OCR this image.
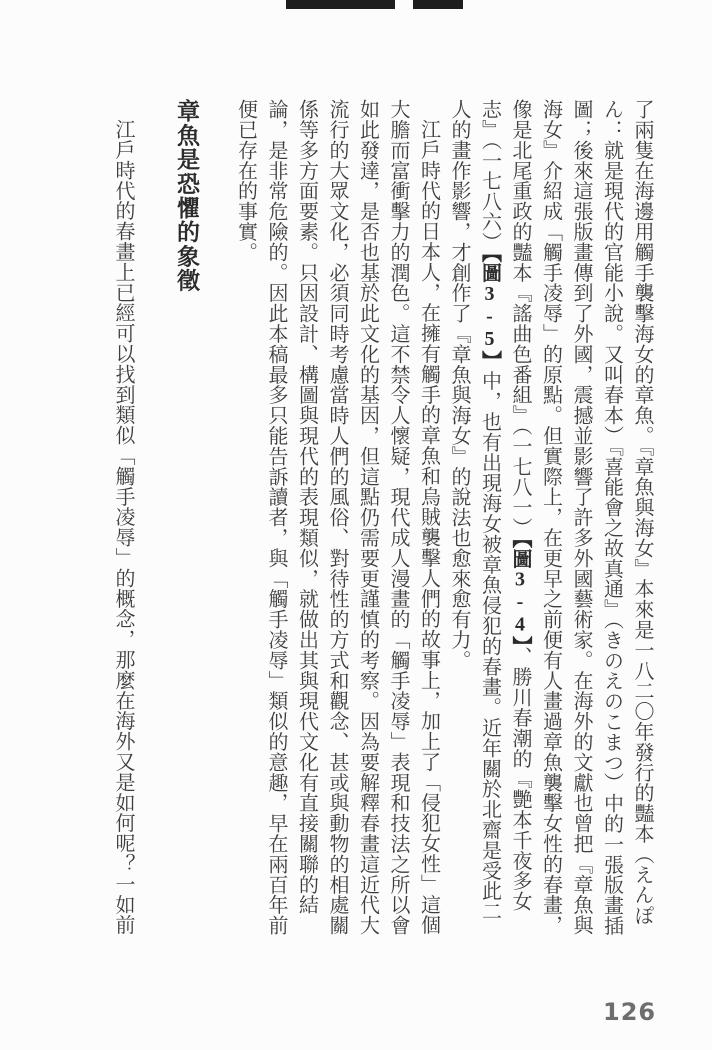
了兩隻在海邊用觸手襲擊海女的章魚。『章魚與海女』本來是一八二〇年發行的豔本（えんぽん：就是現代的官能小說。又叫春本）『喜能會之故真通』（きのえのこまつ）中的一張版畫插圖；後來這張版畫傳到了外國，震撼並影響了許多外國藝術家。在海外的文獻也曾把『章魚與海女』介紹成「觸手凌辱」的原點。但實際上，在更早之前便有人畫過章魚襲擊女性的春畫，像是北尾重政的豔本『謠曲色番組』（一七八一）【圖3-4】、勝川春潮的『艷本千夜多女志』（一七八六）【圖3-5】中，也有出現海女被章魚侵犯的春畫。近年關於北齋是受此二人的畫作影響，才創作了『章魚與海女』的說法也愈來愈有力。

江戶時代的日本人，在擁有觸手的章魚和烏賊襲擊人們的故事上，加上了「侵犯女性」這個大膽而富衝擊力的潤色。這不禁令人懷疑，現代成人漫畫的「觸手凌辱」表現和技法之所以會如此發達，是否也基於此文化的基因，但這點仍需要更謹慎的考察。因為要解釋春畫這近代大流行的大眾文化，必須同時考慮當時人們的風俗、對待性的方式和觀念、甚或與動物的相處關係等多方面要素。只因設計、構圖與現代的表現類似，就做出其與現代文化有直接關聯的結論，是非常危險的。因此本稿最多只能告訴讀者，與「觸手凌辱」類似的意趣，早在兩百年前便已存在的事實。

章魚是恐懼的象徵

江戶時代的春畫上已經可以找到類似「觸手凌辱」的概念，那麼在海外又是如何呢？一如前

126
